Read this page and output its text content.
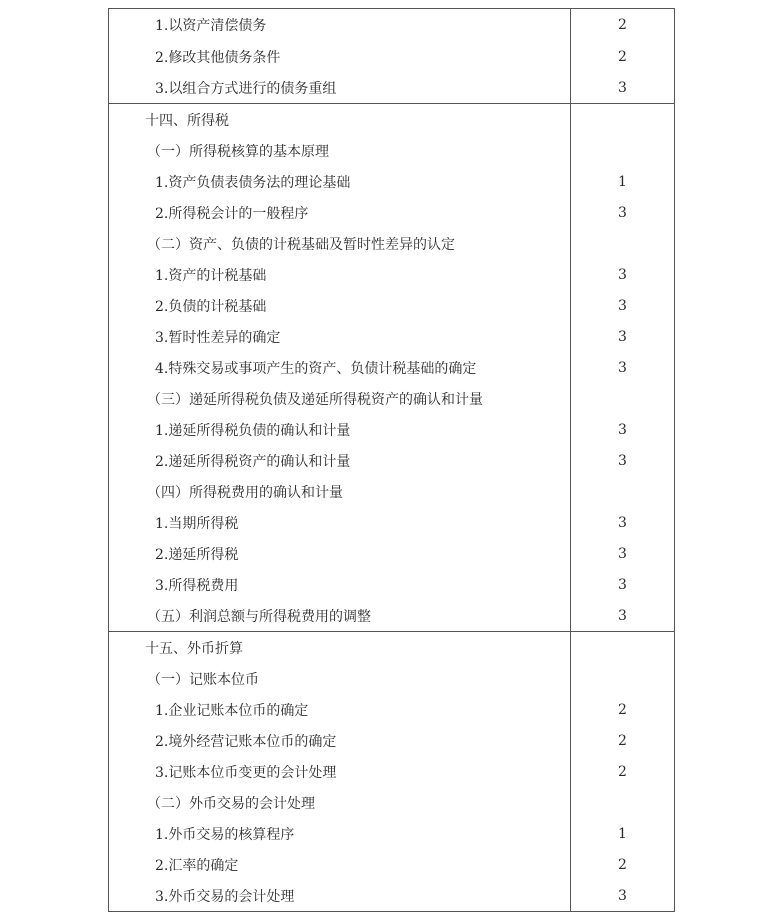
1.以资产清偿债务
2.修改其他债务条件
3.以组合方式进行的债务重组
2
2
3
十四、所得税
（一）所得税核算的基本原理
1.资产负债表债务法的理论基础
2.所得税会计的一般程序
（二）资产、负债的计税基础及暂时性差异的认定
1.资产的计税基础
2.负债的计税基础
3.暂时性差异的确定
4.特殊交易或事项产生的资产、负债计税基础的确定
（三）递延所得税负债及递延所得税资产的确认和计量
1.递延所得税负债的确认和计量
2.递延所得税资产的确认和计量
（四）所得税费用的确认和计量
1.当期所得税
2.递延所得税
3.所得税费用
（五）利润总额与所得税费用的调整
1
3
3
3
3
3
3
3
3
3
3
3
十五、外币折算
（一）记账本位币
1.企业记账本位币的确定
2.境外经营记账本位币的确定
3.记账本位币变更的会计处理
（二）外币交易的会计处理
1.外币交易的核算程序
2.汇率的确定
3.外币交易的会计处理
2
2
2
1
2
3
